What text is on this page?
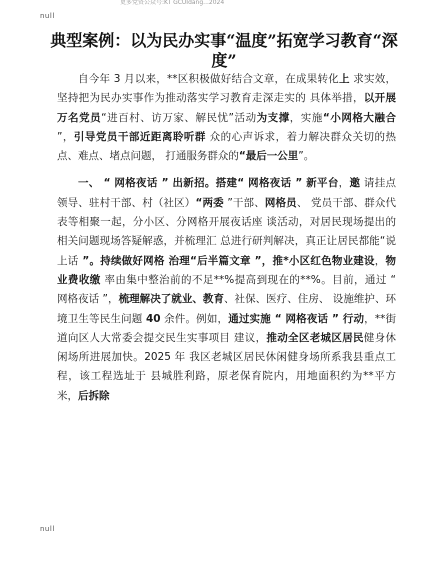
更多党资公众号:KT GCUIdang...2024
null
典型案例：以为民办实事“温度”拓宽学习教育“深度”

自今年 3 月以来，**区积极做好结合文章，在成果转化上 求实效，坚持把为民办实事作为推动落实学习教育走深走实的 具体举措，以开展万名党员“进百村、访万家、解民忧”活动为支撑，实施“小网格大融合 ”，引导党员干部近距离聆听群 众的心声诉求，着力解决群众关切的热点、难点、堵点问题， 打通服务群众的“最后一公里”。

一、 “ 网格夜话 ” 出新招。搭建“ 网格夜话 ” 新平台，邀 请挂点领导、驻村干部、村（社区）“两委 ”干部、网格员、 党员干部、群众代表等相聚一起，分小区、分网格开展夜话座 谈活动，对居民现场提出的相关问题现场答疑解惑，并梳理汇 总进行研判解决，真正让居民都能“说上话 ”。持续做好网格 治理“后半篇文章 ”，推*小区红色物业建设，物业费收缴 率由集中整治前的不足**%提高到现在的**%。目前，通过 “ 网格夜话 ”，梳理解决了就业、教育、社保、医疗、住房、 设施维护、环境卫生等民生问题 40 余件。例如，通过实施 “ 网格夜话 ” 行动，**街道向区人大常委会提交民生实事项目 建议，推动全区老城区居民健身休闲场所进展加快。2025 年 我区老城区居民休闲健身场所系我县重点工程，该工程选址于 县城胜利路，原老保育院内，用地面积约为**平方米，后拆除

null
